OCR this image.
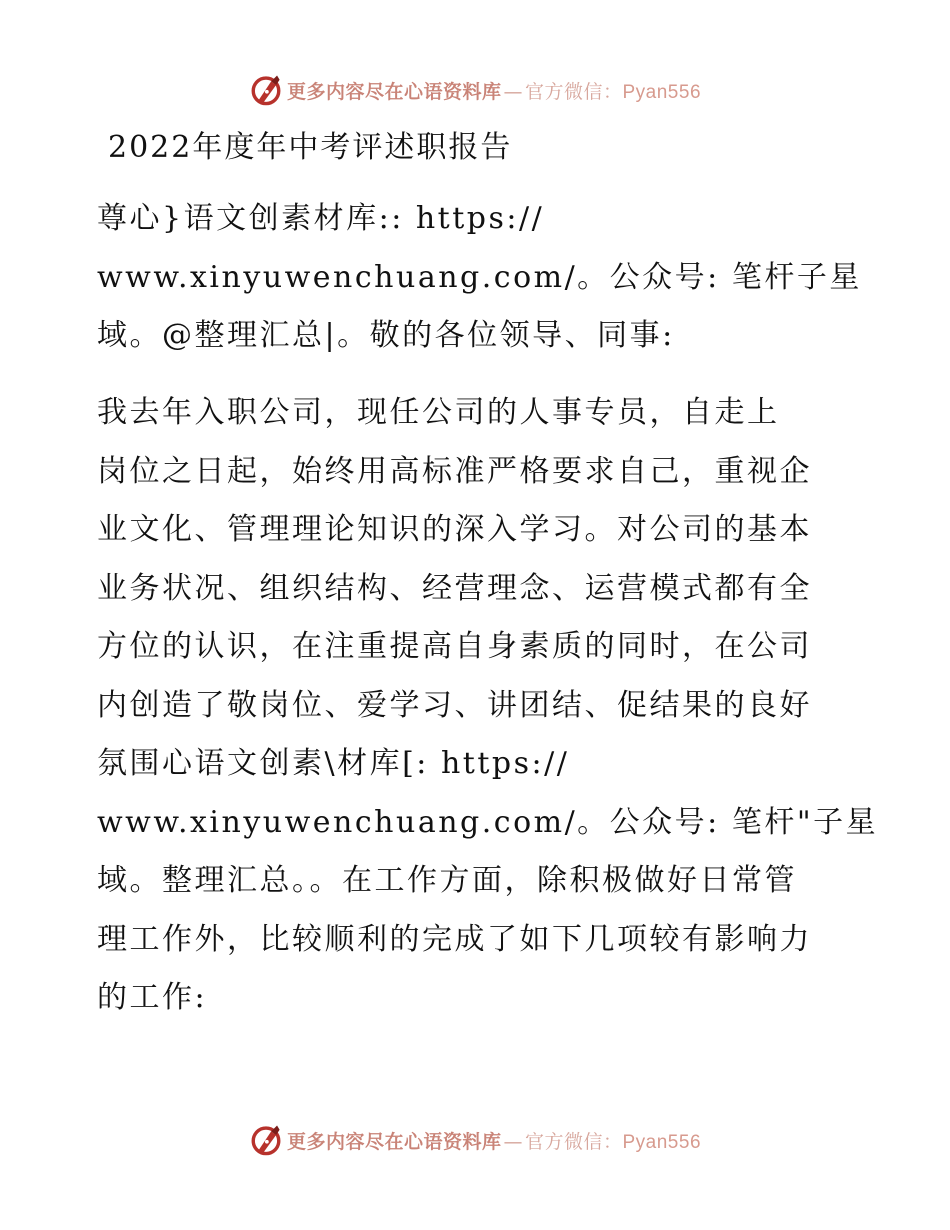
更多内容尽在心语资料库 — 官方微信：Pyan556
2022年度年中考评述职报告
尊心}语文创素材库:: https://
www.xinyuwenchuang.com/。公众号: 笔杆子星
域。@整理汇总|。敬的各位领导、同事:
我去年入职公司，现任公司的人事专员，自走上
岗位之日起，始终用高标准严格要求自己，重视企
业文化、管理理论知识的深入学习。对公司的基本
业务状况、组织结构、经营理念、运营模式都有全
方位的认识，在注重提高自身素质的同时，在公司
内创造了敬岗位、爱学习、讲团结、促结果的良好
氛围心语文创素\材库[: https://
www.xinyuwenchuang.com/。公众号: 笔杆"子星
域。整理汇总。。在工作方面，除积极做好日常管
理工作外，比较顺利的完成了如下几项较有影响力
的工作:
更多内容尽在心语资料库 — 官方微信：Pyan556
